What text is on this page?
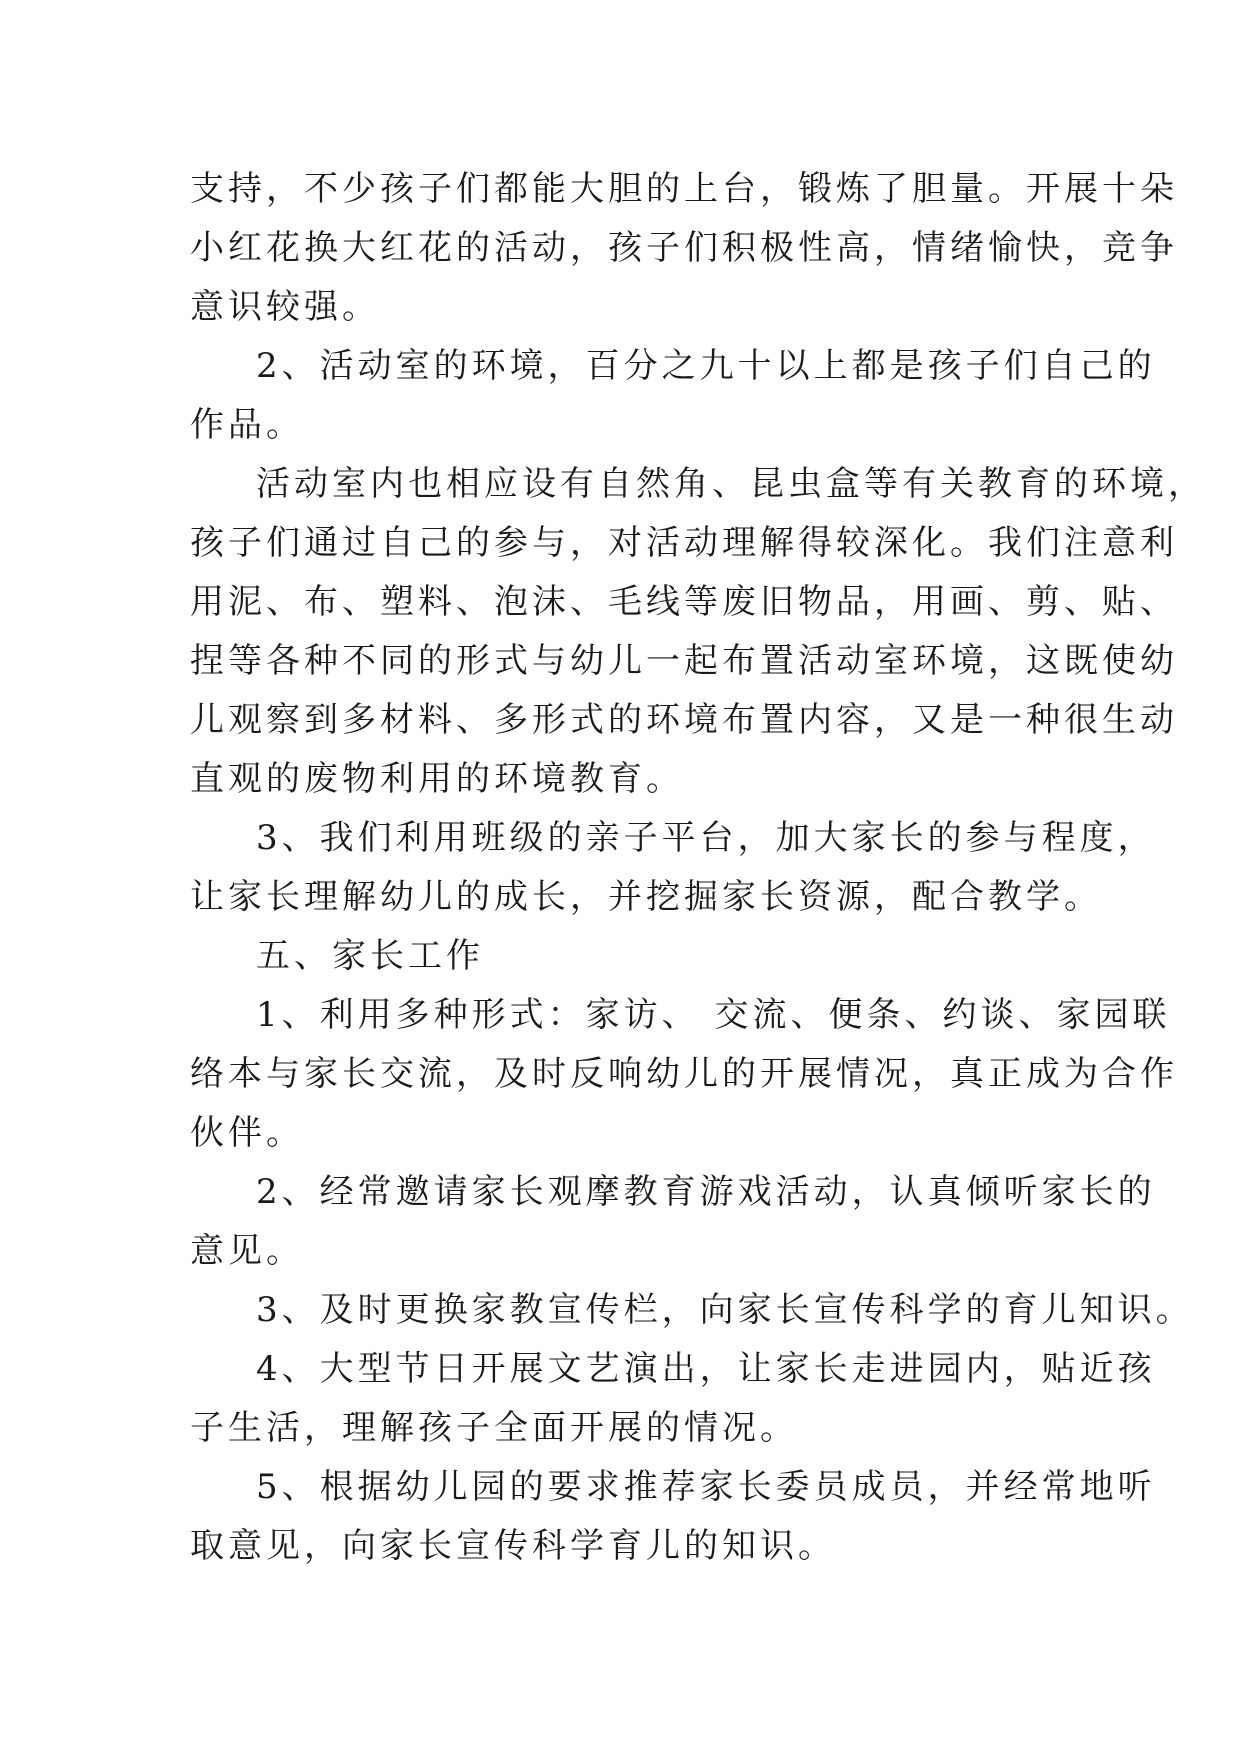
支持，不少孩子们都能大胆的上台，锻炼了胆量。开展十朵
小红花换大红花的活动，孩子们积极性高，情绪愉快，竞争
意识较强。
2、活动室的环境，百分之九十以上都是孩子们自己的
作品。
活动室内也相应设有自然角、昆虫盒等有关教育的环境，
孩子们通过自己的参与，对活动理解得较深化。我们注意利
用泥、布、塑料、泡沫、毛线等废旧物品，用画、剪、贴、
捏等各种不同的形式与幼儿一起布置活动室环境，这既使幼
儿观察到多材料、多形式的环境布置内容，又是一种很生动
直观的废物利用的环境教育。
3、我们利用班级的亲子平台，加大家长的参与程度，
让家长理解幼儿的成长，并挖掘家长资源，配合教学。
五、家长工作
1、利用多种形式：家访、 交流、便条、约谈、家园联
络本与家长交流，及时反响幼儿的开展情况，真正成为合作
伙伴。
2、经常邀请家长观摩教育游戏活动，认真倾听家长的
意见。
3、及时更换家教宣传栏，向家长宣传科学的育儿知识。
4、大型节日开展文艺演出，让家长走进园内，贴近孩
子生活，理解孩子全面开展的情况。
5、根据幼儿园的要求推荐家长委员成员，并经常地听
取意见，向家长宣传科学育儿的知识。
